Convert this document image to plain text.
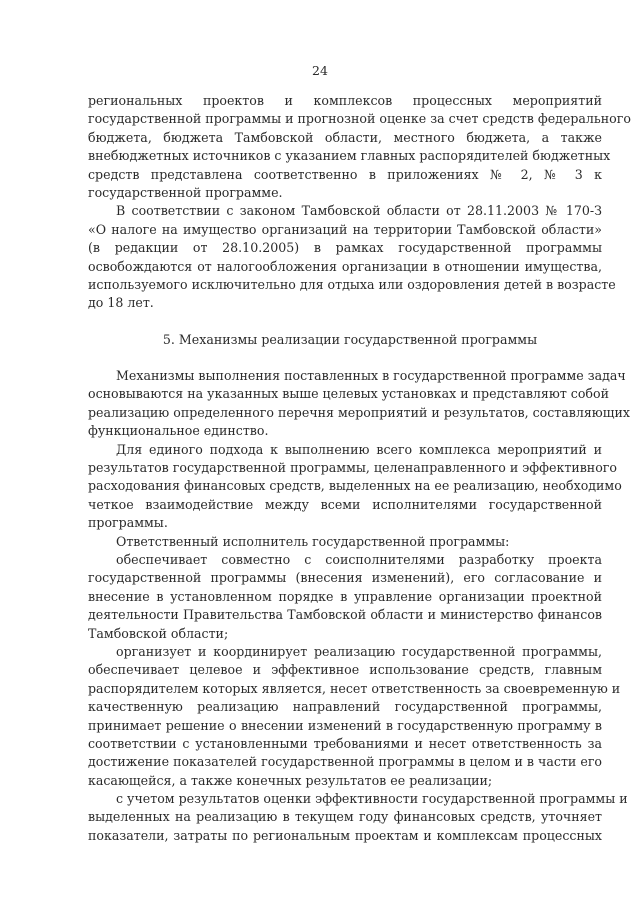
24
региональных проектов и комплексов процессных мероприятий
государственной программы и прогнозной оценке за счет средств федерального
бюджета, бюджета Тамбовской области, местного бюджета, а также
внебюджетных источников с указанием главных распорядителей бюджетных
средств представлена соответственно в приложениях № 2, № 3 к
государственной программе.
В соответствии с законом Тамбовской области от 28.11.2003 № 170-З
«О налоге на имущество организаций на территории Тамбовской области»
(в редакции от 28.10.2005) в рамках государственной программы
освобождаются от налогообложения организации в отношении имущества,
используемого исключительно для отдыха или оздоровления детей в возрасте
до 18 лет.
5. Механизмы реализации государственной программы
Механизмы выполнения поставленных в государственной программе задач
основываются на указанных выше целевых установках и представляют собой
реализацию определенного перечня мероприятий и результатов, составляющих
функциональное единство.
Для единого подхода к выполнению всего комплекса мероприятий и
результатов государственной программы, целенаправленного и эффективного
расходования финансовых средств, выделенных на ее реализацию, необходимо
четкое взаимодействие между всеми исполнителями государственной
программы.
Ответственный исполнитель государственной программы:
обеспечивает совместно с соисполнителями разработку проекта
государственной программы (внесения изменений), его согласование и
внесение в установленном порядке в управление организации проектной
деятельности Правительства Тамбовской области и министерство финансов
Тамбовской области;
организует и координирует реализацию государственной программы,
обеспечивает целевое и эффективное использование средств, главным
распорядителем которых является, несет ответственность за своевременную и
качественную реализацию направлений государственной программы,
принимает решение о внесении изменений в государственную программу в
соответствии с установленными требованиями и несет ответственность за
достижение показателей государственной программы в целом и в части его
касающейся, а также конечных результатов ее реализации;
с учетом результатов оценки эффективности государственной программы и
выделенных на реализацию в текущем году финансовых средств, уточняет
показатели, затраты по региональным проектам и комплексам процессных
